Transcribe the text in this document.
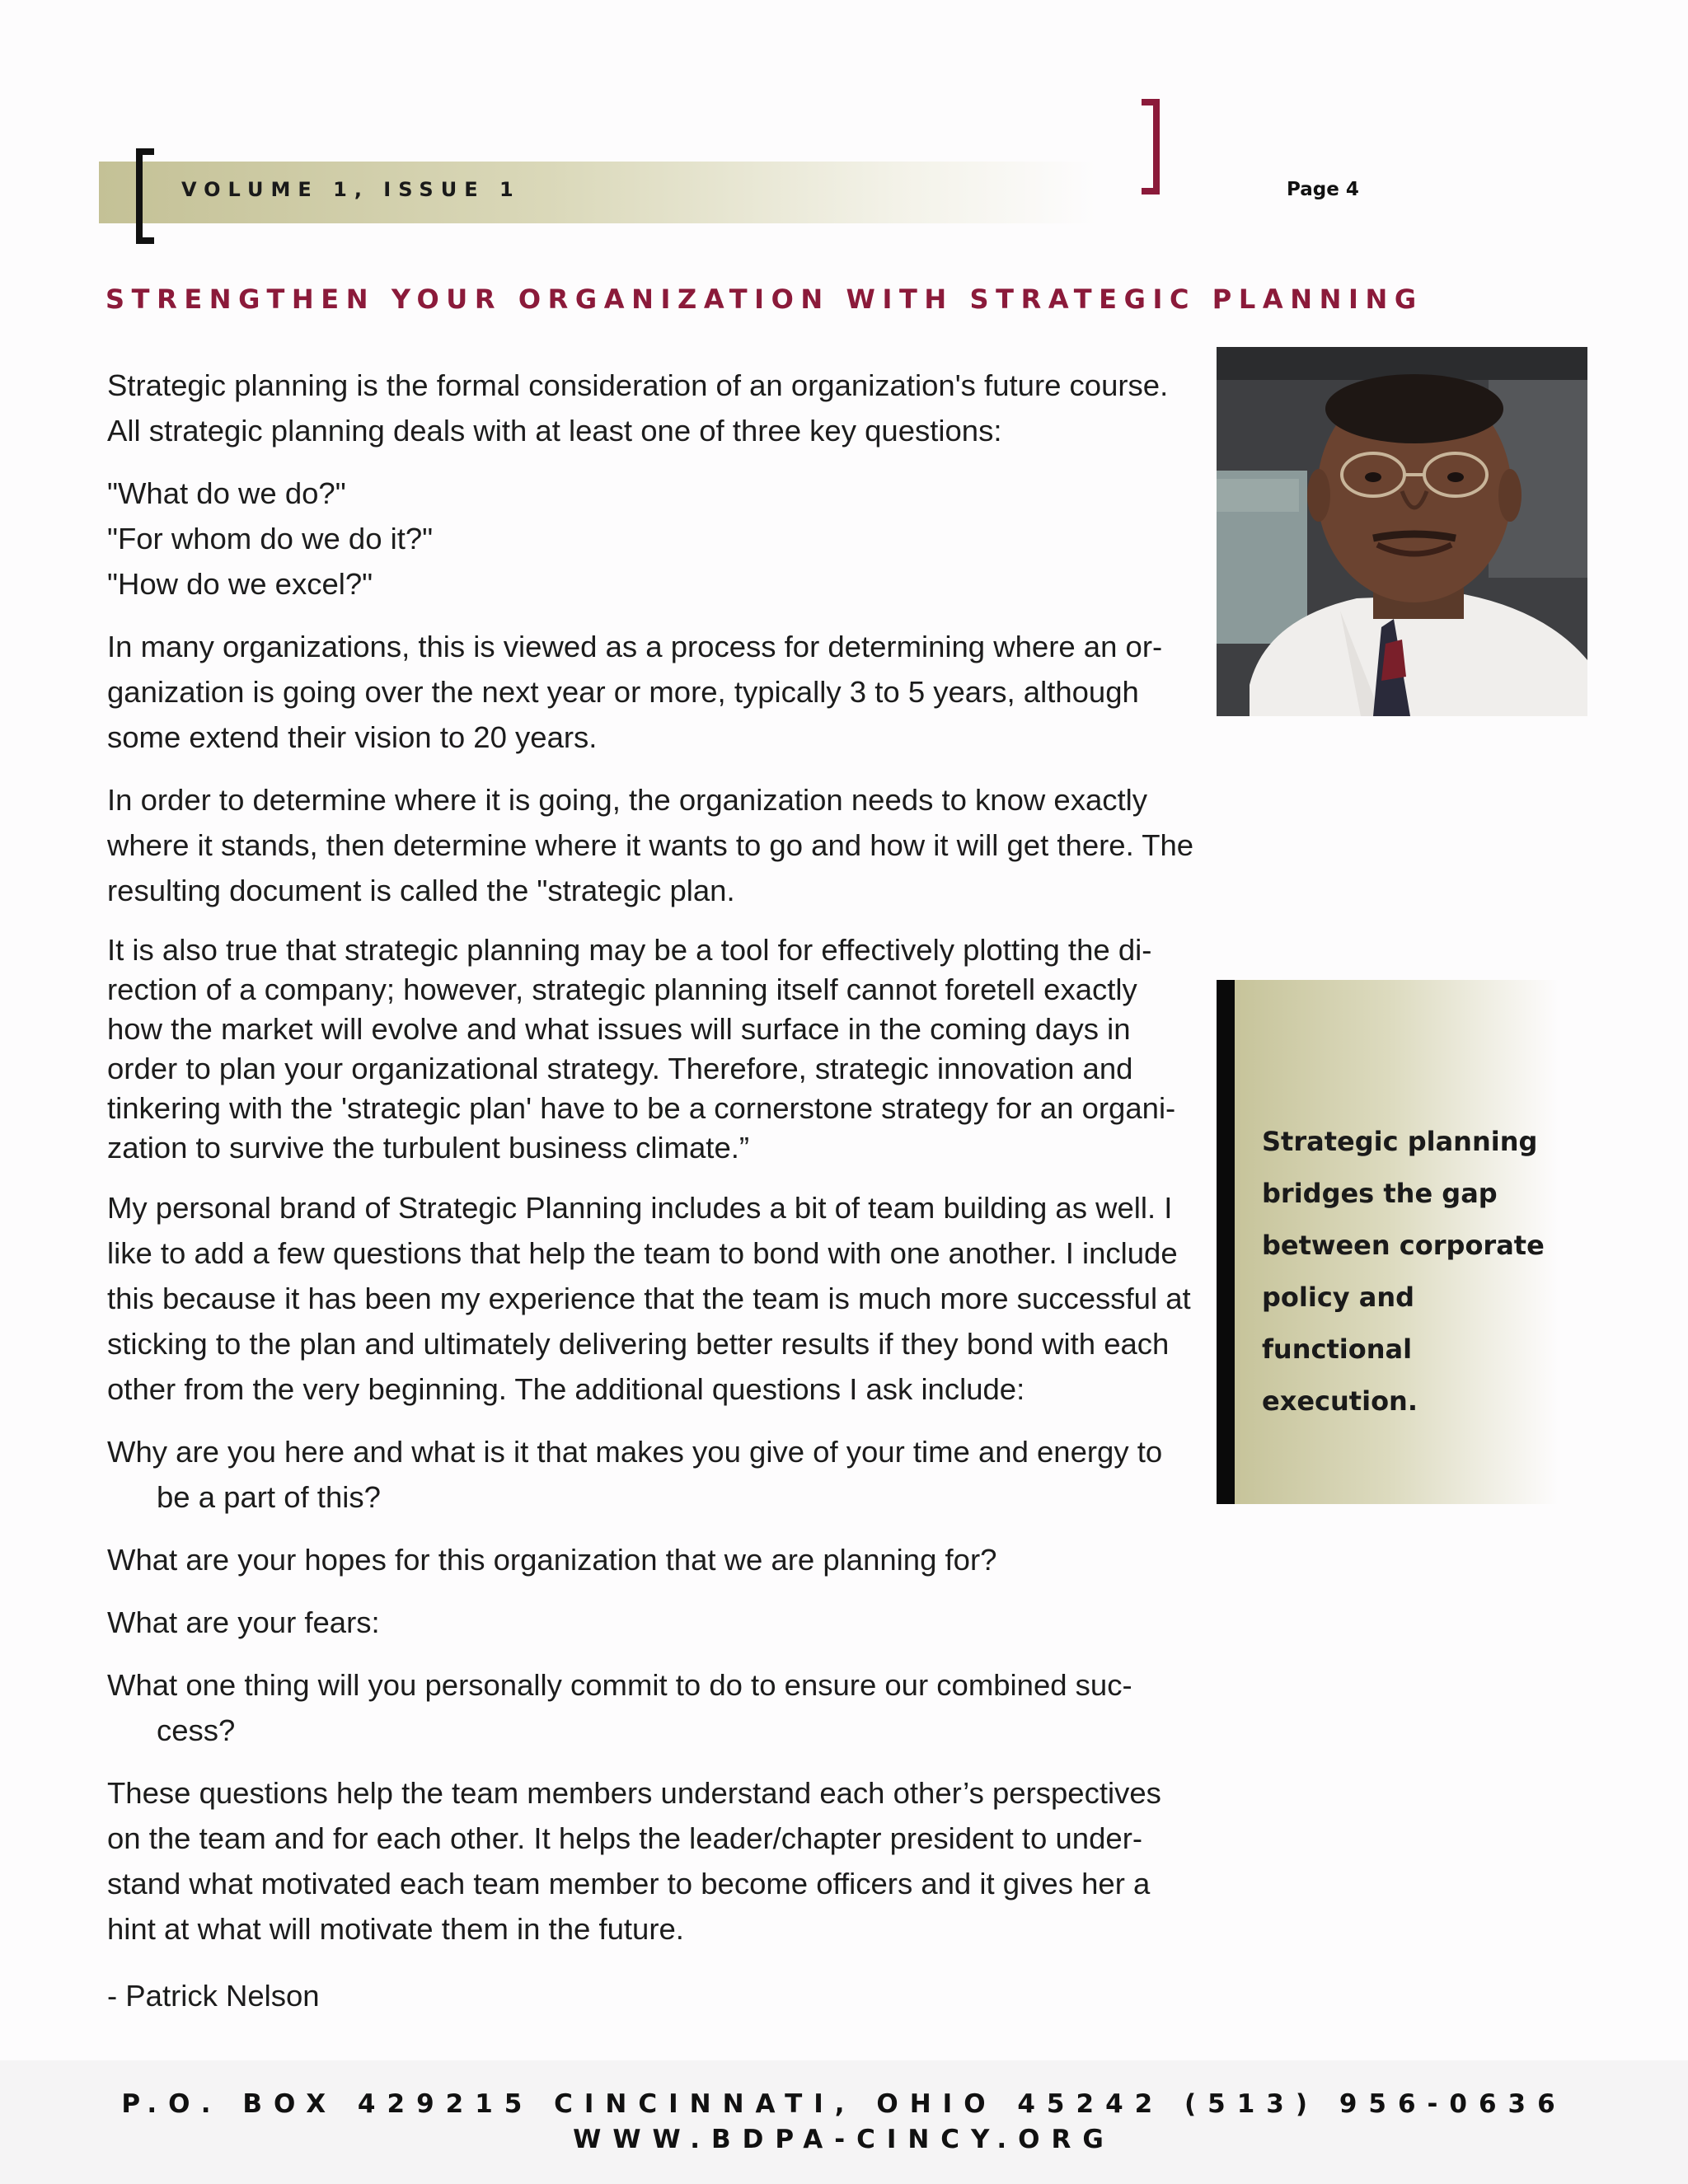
VOLUME 1, ISSUE 1	Page 4
STRENGTHEN YOUR ORGANIZATION WITH STRATEGIC PLANNING

Strategic planning is the formal consideration of an organization's future course.
All strategic planning deals with at least one of three key questions:

"What do we do?"
"For whom do we do it?"
"How do we excel?"

In many organizations, this is viewed as a process for determining where an or-ganization is going over the next year or more, typically 3 to 5 years, although some extend their vision to 20 years.

In order to determine where it is going, the organization needs to know exactly where it stands, then determine where it wants to go and how it will get there. The resulting document is called the "strategic plan.

It is also true that strategic planning may be a tool for effectively plotting the di-rection of a company; however, strategic planning itself cannot foretell exactly how the market will evolve and what issues will surface in the coming days in order to plan your organizational strategy. Therefore, strategic innovation and tinkering with the 'strategic plan' have to be a cornerstone strategy for an organi-zation to survive the turbulent business climate.”

My personal brand of Strategic Planning includes a bit of team building as well. I like to add a few questions that help the team to bond with one another. I include this because it has been my experience that the team is much more successful at sticking to the plan and ultimately delivering better results if they bond with each other from the very beginning. The additional questions I ask include:

Why are you here and what is it that makes you give of your time and energy to be a part of this?

What are your hopes for this organization that we are planning for?

What are your fears:

What one thing will you personally commit to do to ensure our combined suc-cess?

These questions help the team members understand each other’s perspectives on the team and for each other. It helps the leader/chapter president to under-stand what motivated each team member to become officers and it gives her a hint at what will motivate them in the future.

- Patrick Nelson

Strategic planning bridges the gap between corporate policy and functional execution.
P.O. BOX 429215 CINCINNATI, OHIO 45242 (513) 956-0636
WWW.BDPA-CINCY.ORG
